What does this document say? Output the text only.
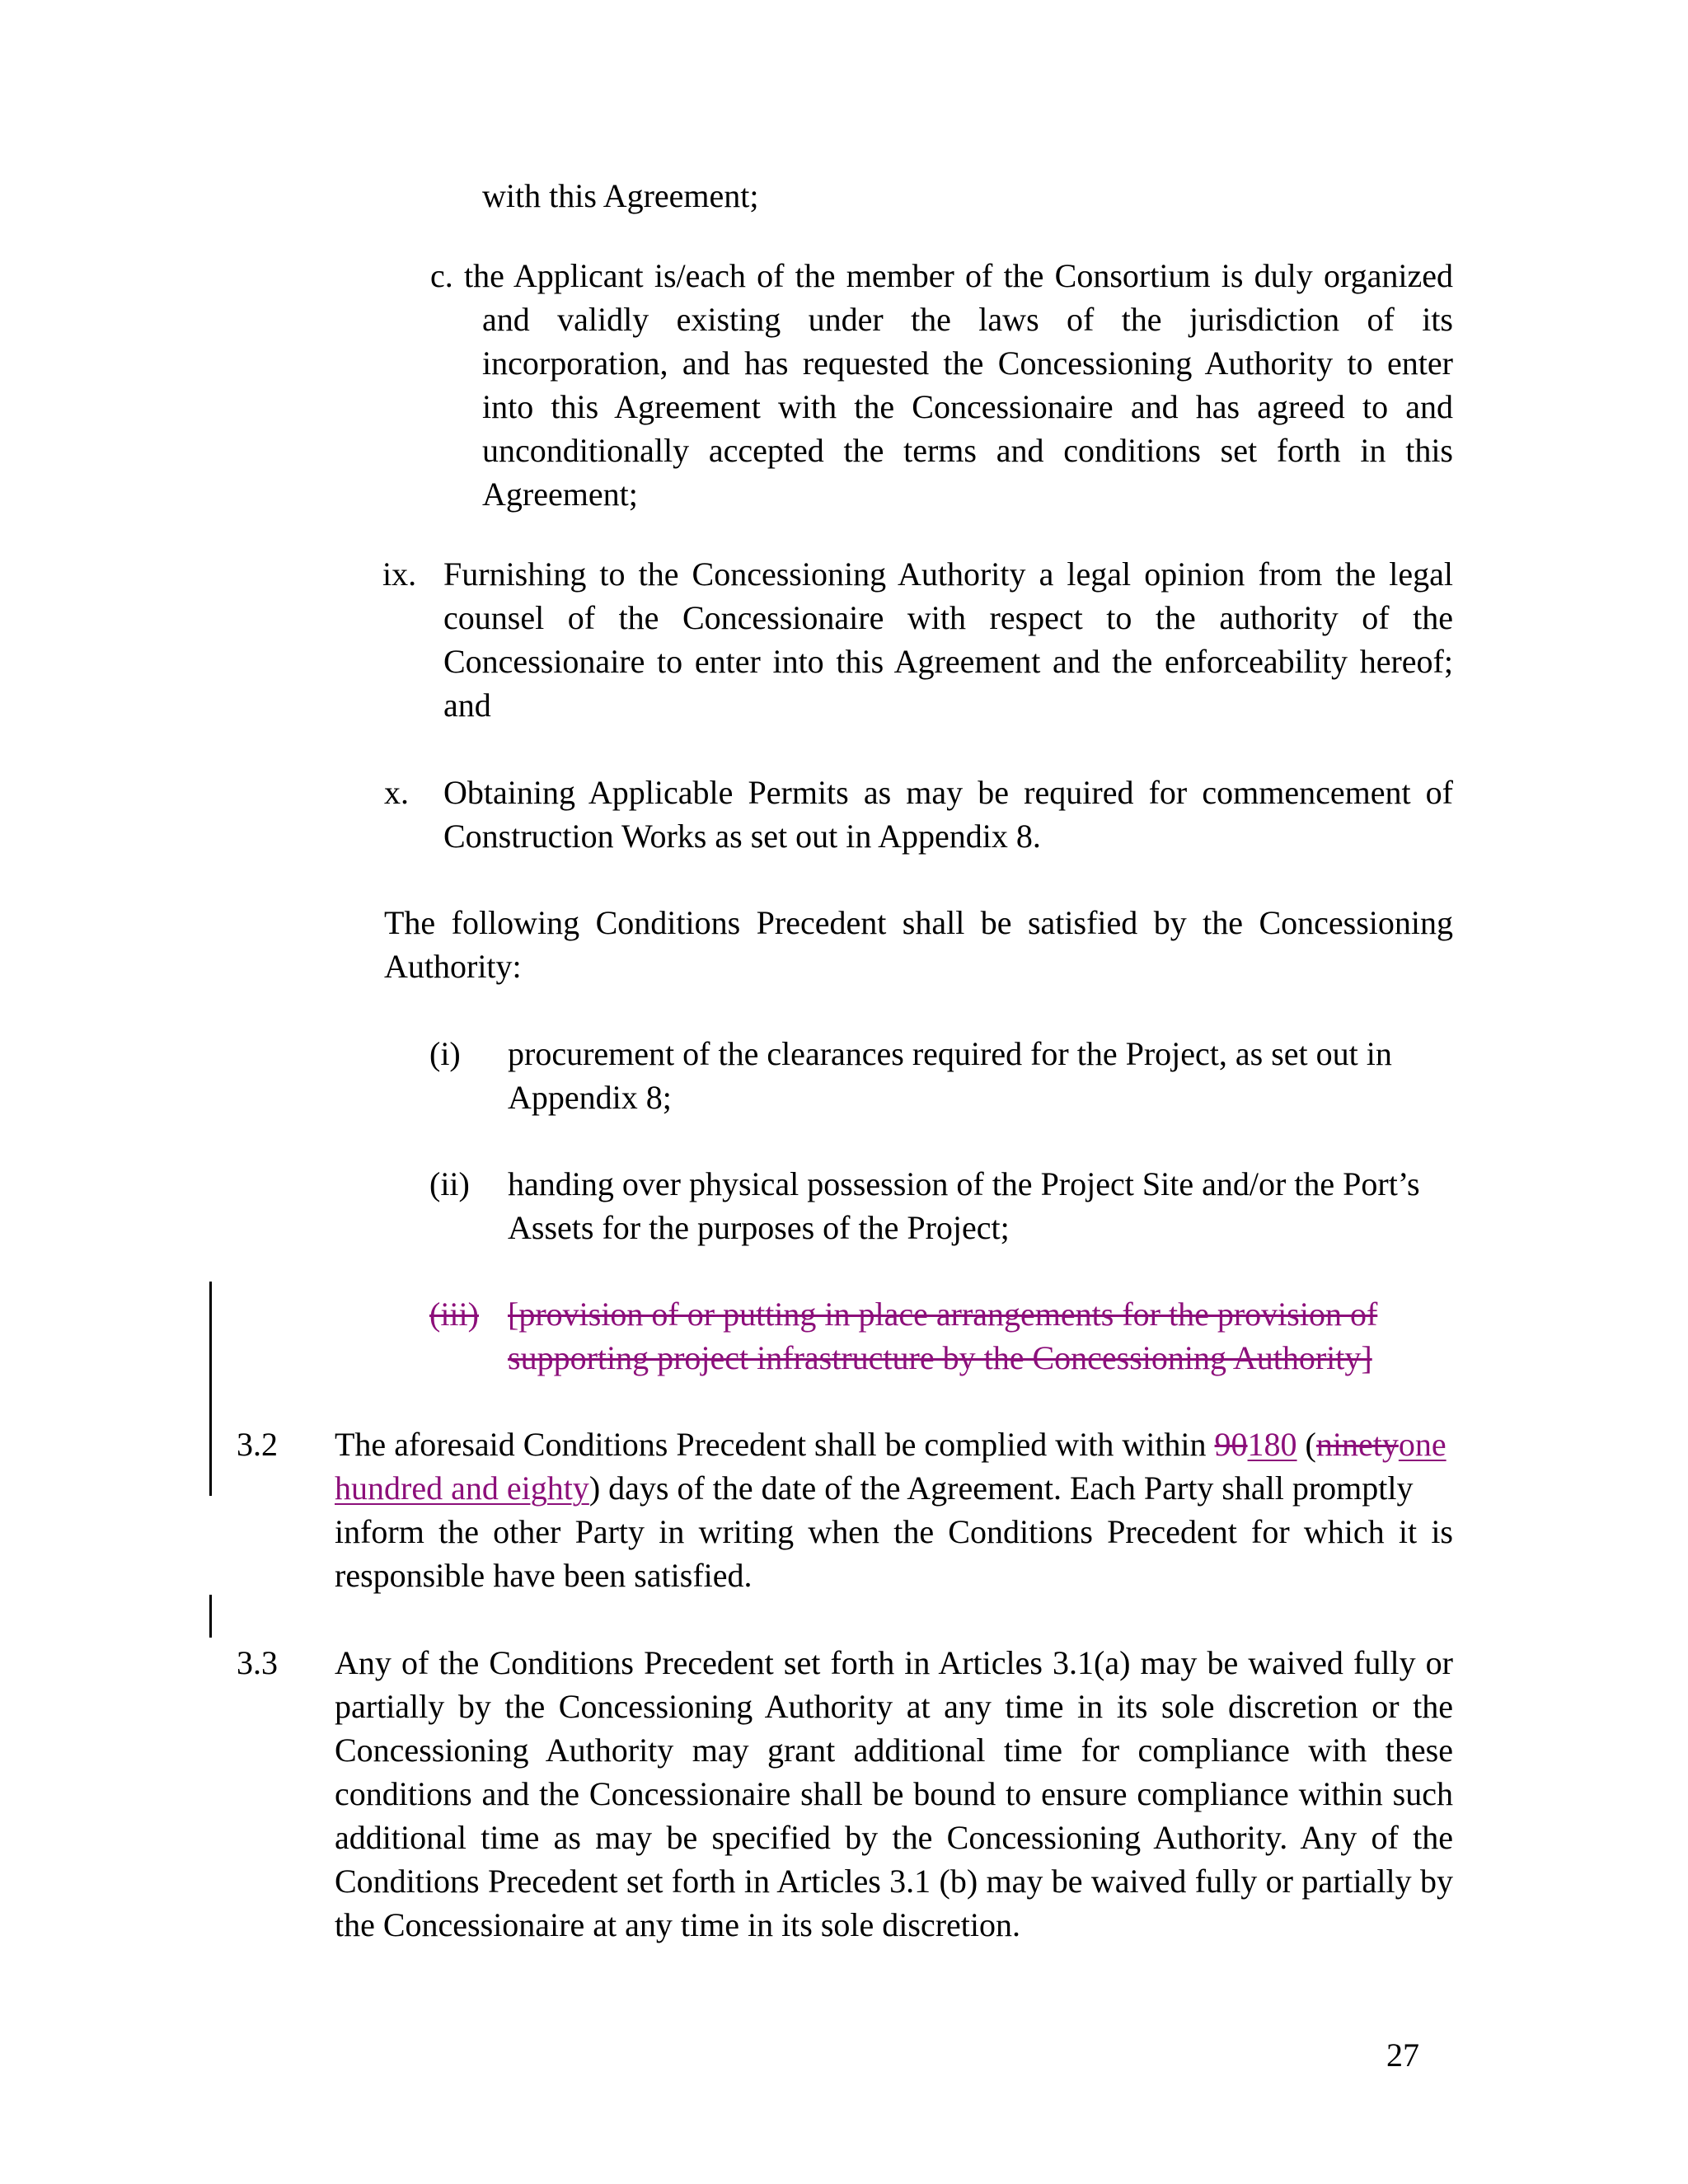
with this Agreement;
c. the Applicant is/each of the member of the Consortium is duly organized
and validly existing under the laws of the jurisdiction of its
incorporation, and has requested the Concessioning Authority to enter
into this Agreement with the Concessionaire and has agreed to and
unconditionally accepted the terms and conditions set forth in this
Agreement;
ix. Furnishing to the Concessioning Authority a legal opinion from the legal
counsel of the Concessionaire with respect to the authority of the
Concessionaire to enter into this Agreement and the enforceability hereof;
and
x. Obtaining Applicable Permits as may be required for commencement of
Construction Works as set out in Appendix 8.
The following Conditions Precedent shall be satisfied by the Concessioning
Authority:
(i) procurement of the clearances required for the Project, as set out in
Appendix 8;
(ii) handing over physical possession of the Project Site and/or the Port’s
Assets for the purposes of the Project;
(iii) [provision of or putting in place arrangements for the provision of
supporting project infrastructure by the Concessioning Authority]
3.2 The aforesaid Conditions Precedent shall be complied with within 90180 (ninetyone
hundred and eighty) days of the date of the Agreement. Each Party shall promptly
inform the other Party in writing when the Conditions Precedent for which it is
responsible have been satisfied.
3.3 Any of the Conditions Precedent set forth in Articles 3.1(a) may be waived fully or
partially by the Concessioning Authority at any time in its sole discretion or the
Concessioning Authority may grant additional time for compliance with these
conditions and the Concessionaire shall be bound to ensure compliance within such
additional time as may be specified by the Concessioning Authority. Any of the
Conditions Precedent set forth in Articles 3.1 (b) may be waived fully or partially by
the Concessionaire at any time in its sole discretion.
27
